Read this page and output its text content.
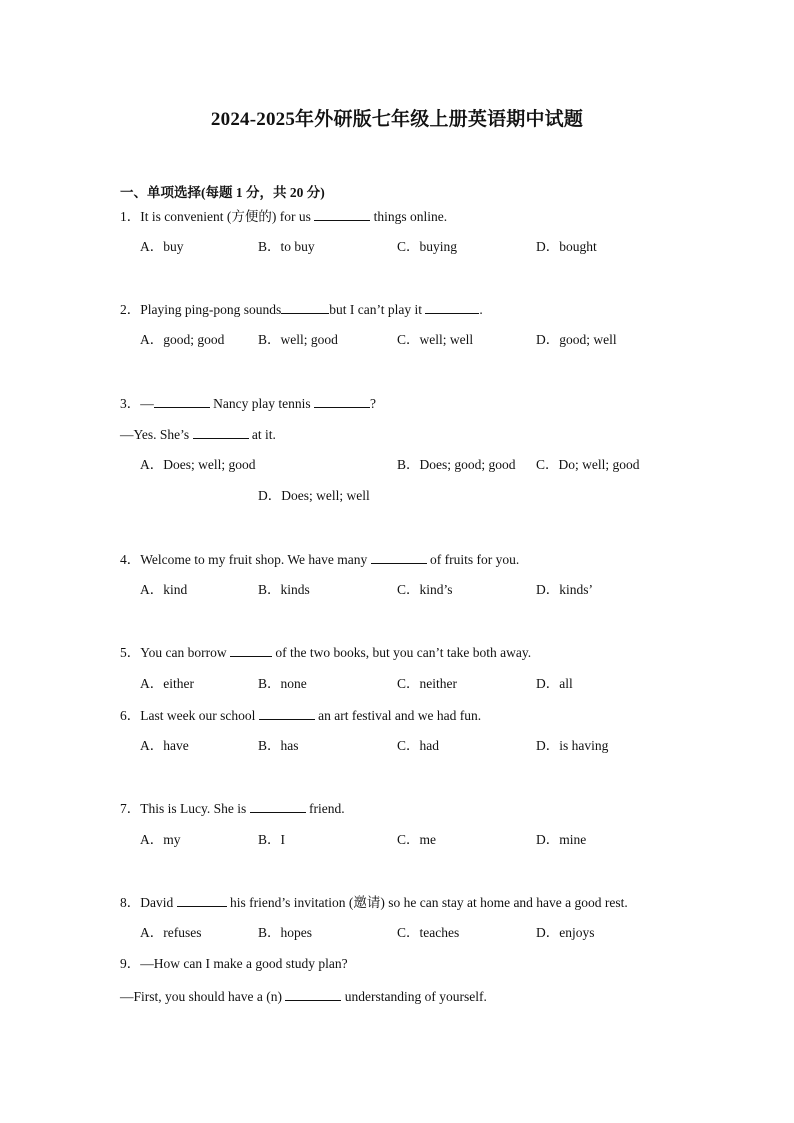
2024-2025年外研版七年级上册英语期中试题
一、单项选择(每题 1 分，共 20 分)
1．It is convenient (方便的) for us	things online.
A．buy	B．to buy	C．buying	D．bought
2．Playing ping-pong sounds	but I can’t play it	.
A．good; good B．well; good	C．well; well	D．good; well
3．—	Nancy play tennis	?
—Yes. She’s	at it.
A．Does; well; good	B．Does; good; good C．Do; well; good
D．Does; well; well
4．Welcome to my fruit shop. We have many	of fruits for you.
A．kind	B．kinds	C．kind’s	D．kinds’
5．You can borrow	of the two books, but you can’t take both away.
A．either	B．none	C．neither	D．all
6．Last week our school	an art festival and we had fun.
A．have	B．has	C．had	D．is having
7．This is Lucy. She is	friend.
A．my	B．I	C．me	D．mine
8．David	his friend’s invitation (邀请) so he can stay at home and have a good rest.
A．refuses	B．hopes	C．teaches	D．enjoys
9．—How can I make a good study plan?
—First, you should have a (n)	understanding of yourself.
